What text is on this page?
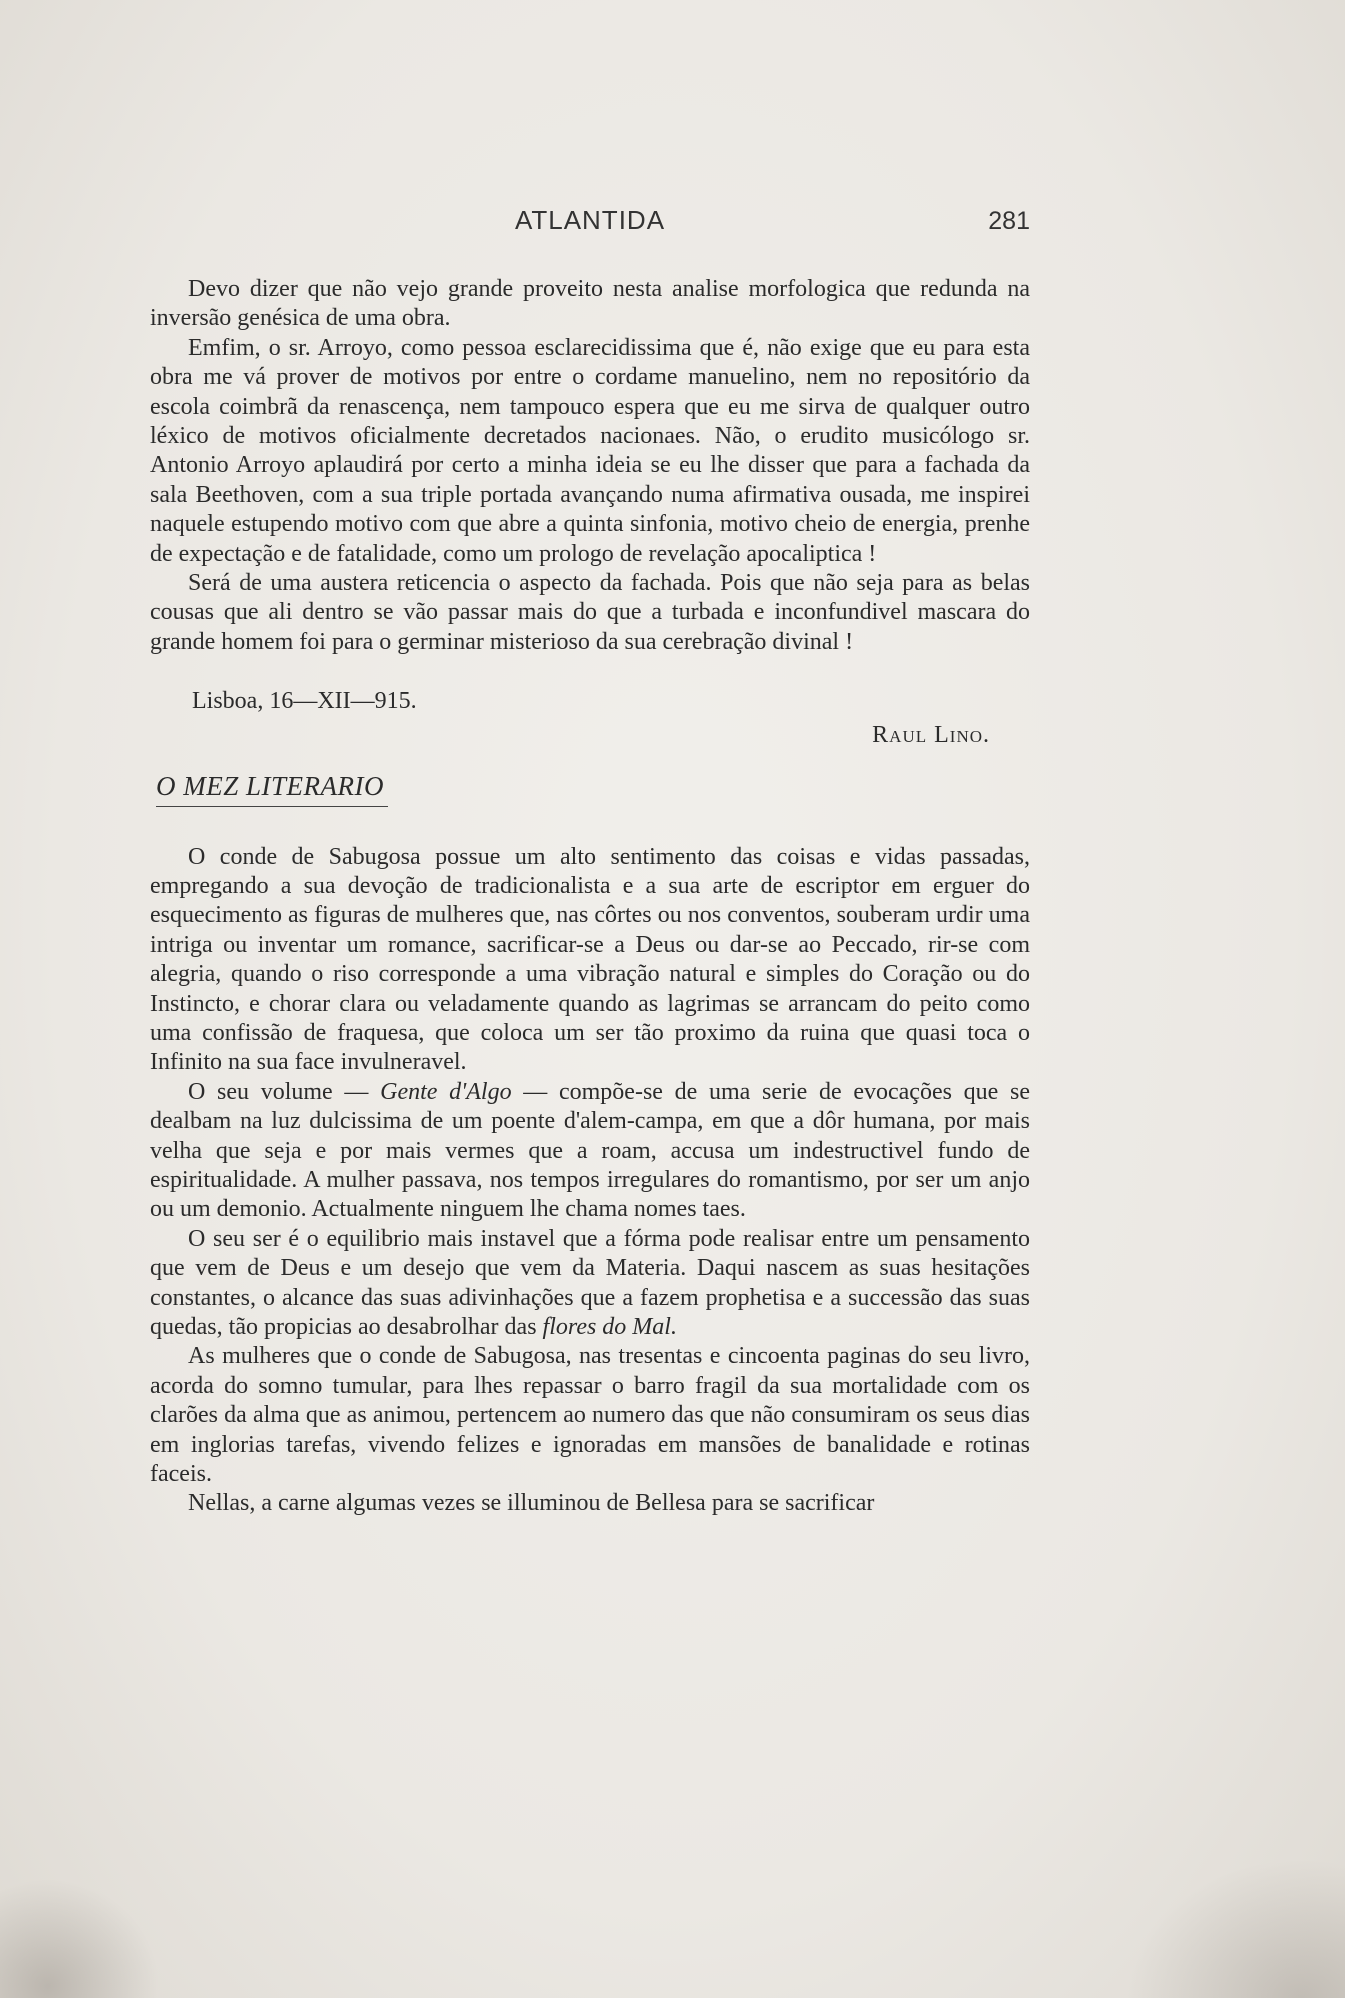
ATLANTIDA	281

Devo dizer que não vejo grande proveito nesta analise morfologica que redunda na inversão genésica de uma obra.

Emfim, o sr. Arroyo, como pessoa esclarecidissima que é, não exige que eu para esta obra me vá prover de motivos por entre o cordame manuelino, nem no repositório da escola coimbrã da renascença, nem tampouco espera que eu me sirva de qualquer outro léxico de motivos oficialmente decretados nacionaes. Não, o erudito musicólogo sr. Antonio Arroyo aplaudirá por certo a minha ideia se eu lhe disser que para a fachada da sala Beethoven, com a sua triple portada avançando numa afirmativa ousada, me inspirei naquele estupendo motivo com que abre a quinta sinfonia, motivo cheio de energia, prenhe de expectação e de fatalidade, como um prologo de revelação apocaliptica !

Será de uma austera reticencia o aspecto da fachada. Pois que não seja para as belas cousas que ali dentro se vão passar mais do que a turbada e inconfundivel mascara do grande homem foi para o germinar misterioso da sua cerebração divinal !

Lisboa, 16—XII—915.

Raul Lino.

O MEZ LITERARIO

O conde de Sabugosa possue um alto sentimento das coisas e vidas passadas, empregando a sua devoção de tradicionalista e a sua arte de escriptor em erguer do esquecimento as figuras de mulheres que, nas côrtes ou nos conventos, souberam urdir uma intriga ou inventar um romance, sacrificar-se a Deus ou dar-se ao Peccado, rir-se com alegria, quando o riso corresponde a uma vibração natural e simples do Coração ou do Instincto, e chorar clara ou veladamente quando as lagrimas se arrancam do peito como uma confissão de fraquesa, que coloca um ser tão proximo da ruina que quasi toca o Infinito na sua face invulneravel.

O seu volume — Gente d'Algo — compõe-se de uma serie de evocações que se dealbam na luz dulcissima de um poente d'alem-campa, em que a dôr humana, por mais velha que seja e por mais vermes que a roam, accusa um indestructivel fundo de espiritualidade. A mulher passava, nos tempos irregulares do romantismo, por ser um anjo ou um demonio. Actualmente ninguem lhe chama nomes taes.

O seu ser é o equilibrio mais instavel que a fórma pode realisar entre um pensamento que vem de Deus e um desejo que vem da Materia. Daqui nascem as suas hesitações constantes, o alcance das suas adivinhações que a fazem prophetisa e a successão das suas quedas, tão propicias ao desabrolhar das flores do Mal.

As mulheres que o conde de Sabugosa, nas tresentas e cincoenta paginas do seu livro, acorda do somno tumular, para lhes repassar o barro fragil da sua mortalidade com os clarões da alma que as animou, pertencem ao numero das que não consumiram os seus dias em inglorias tarefas, vivendo felizes e ignoradas em mansões de banalidade e rotinas faceis.

Nellas, a carne algumas vezes se illuminou de Bellesa para se sacrificar
